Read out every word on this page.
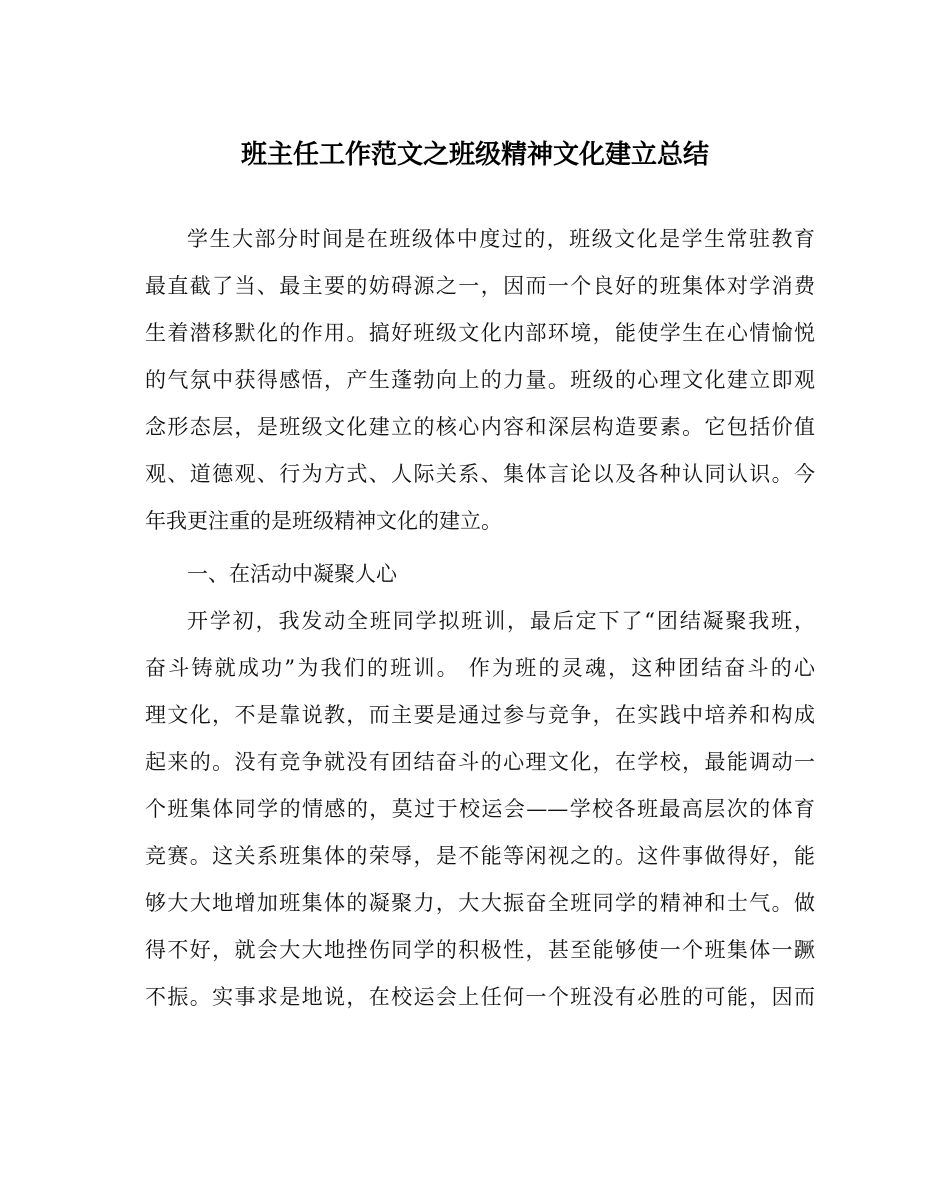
班主任工作范文之班级精神文化建立总结
学生大部分时间是在班级体中度过的，班级文化是学生常驻教育
最直截了当、最主要的妨碍源之一，因而一个良好的班集体对学消费
生着潜移默化的作用。搞好班级文化内部环境，能使学生在心情愉悦
的气氛中获得感悟，产生蓬勃向上的力量。班级的心理文化建立即观
念形态层，是班级文化建立的核心内容和深层构造要素。它包括价值
观、道德观、行为方式、人际关系、集体言论以及各种认同认识。今
年我更注重的是班级精神文化的建立。
一、在活动中凝聚人心
开学初，我发动全班同学拟班训，最后定下了“团结凝聚我班，
奋斗铸就成功”为我们的班训。 作为班的灵魂，这种团结奋斗的心
理文化，不是靠说教，而主要是通过参与竞争，在实践中培养和构成
起来的。没有竞争就没有团结奋斗的心理文化，在学校，最能调动一
个班集体同学的情感的，莫过于校运会——学校各班最高层次的体育
竞赛。这关系班集体的荣辱，是不能等闲视之的。这件事做得好，能
够大大地增加班集体的凝聚力，大大振奋全班同学的精神和士气。做
得不好，就会大大地挫伤同学的积极性，甚至能够使一个班集体一蹶
不振。实事求是地说，在校运会上任何一个班没有必胜的可能，因而
